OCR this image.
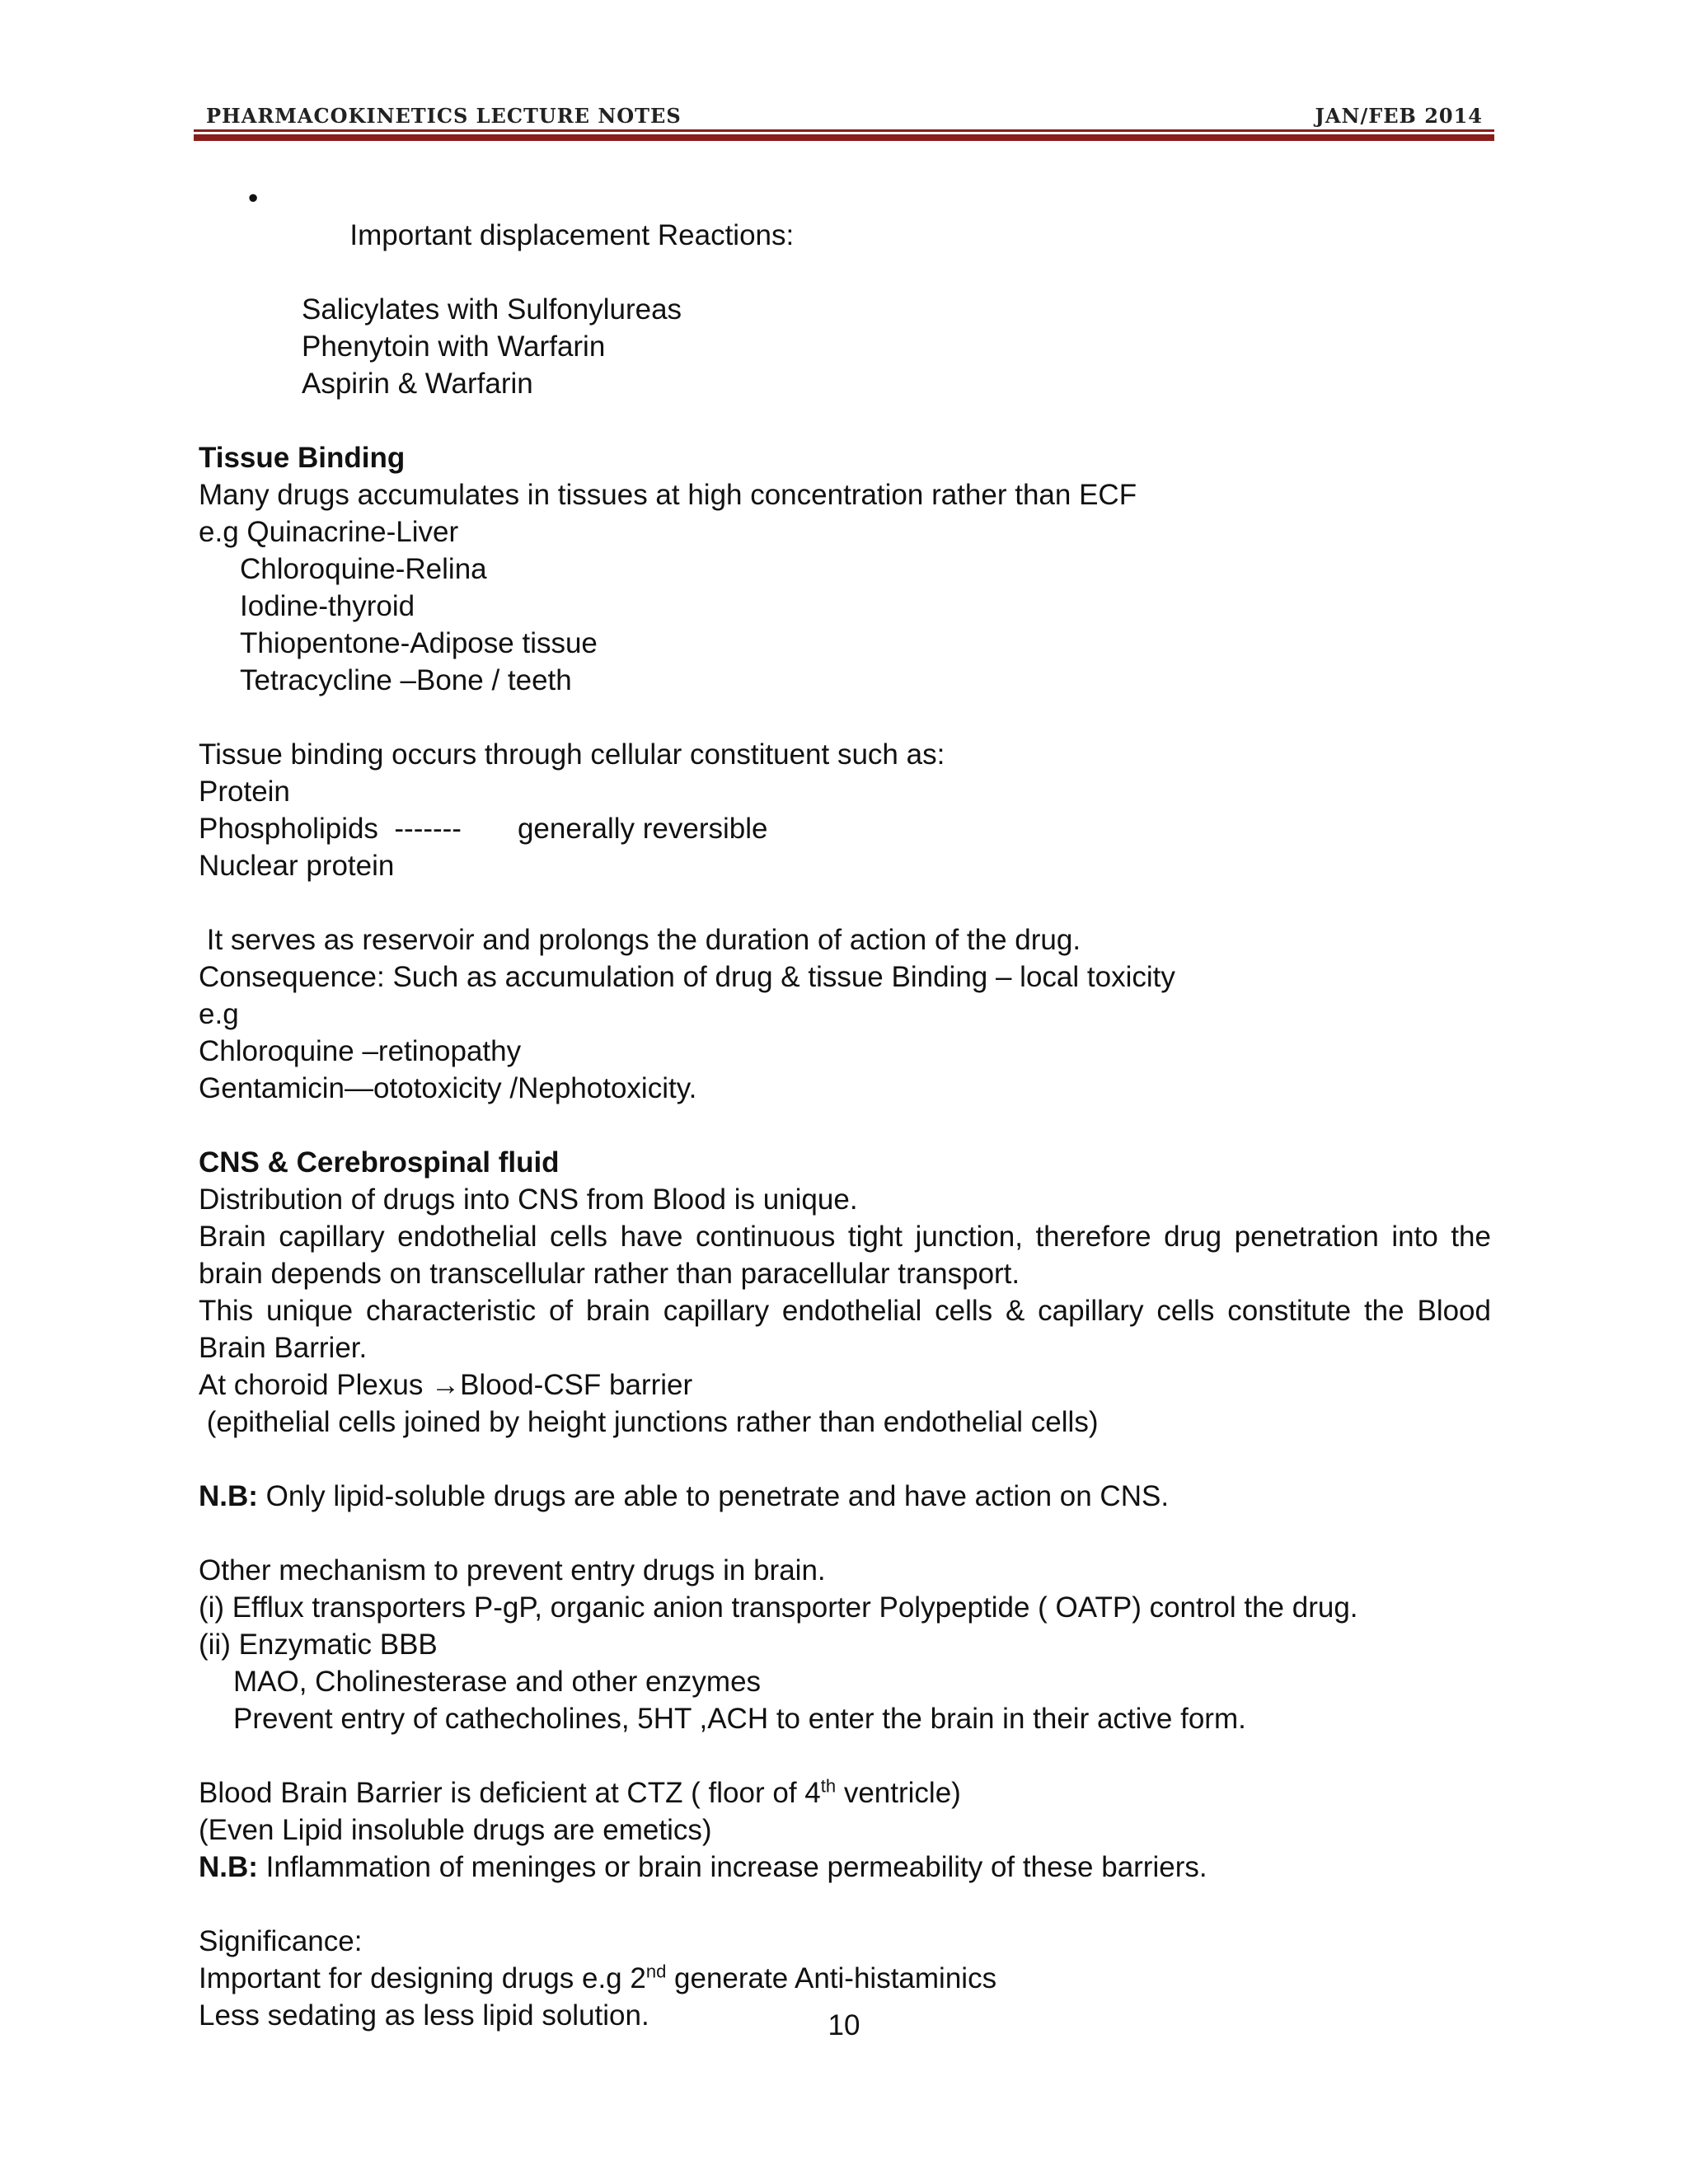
PHARMACOKINETICS LECTURE NOTES	JAN/FEB 2014

•
Important displacement Reactions:

Salicylates with Sulfonylureas
Phenytoin with Warfarin
Aspirin & Warfarin
Tissue Binding
Many drugs accumulates in tissues at high concentration rather than ECF
e.g Quinacrine-Liver
Chloroquine-Relina
Iodine-thyroid
Thiopentone-Adipose tissue
Tetracycline –Bone / teeth
Tissue binding occurs through cellular constituent such as:
Protein
Phospholipids  ------- generally reversible
Nuclear protein
It serves as reservoir and prolongs the duration of action of the drug.
Consequence: Such as accumulation of drug & tissue Binding – local toxicity
e.g
Chloroquine –retinopathy
Gentamicin—ototoxicity /Nephotoxicity.
CNS & Cerebrospinal fluid
Distribution of drugs into CNS from Blood is unique.
Brain capillary endothelial cells have continuous tight junction, therefore drug penetration into the brain depends on transcellular rather than paracellular transport.
This unique characteristic of brain capillary endothelial cells & capillary cells constitute the Blood Brain Barrier.
At choroid Plexus →Blood-CSF barrier
(epithelial cells joined by height junctions rather than endothelial cells)
N.B: Only lipid-soluble drugs are able to penetrate and have action on CNS.
Other mechanism to prevent entry drugs in brain.
(i) Efflux transporters P-gP, organic anion transporter Polypeptide ( OATP) control the drug.
(ii) Enzymatic BBB
MAO, Cholinesterase and other enzymes
Prevent entry of cathecholines, 5HT ,ACH to enter the brain in their active form.
Blood Brain Barrier is deficient at CTZ ( floor of 4th ventricle)
(Even Lipid insoluble drugs are emetics)
N.B: Inflammation of meninges or brain increase permeability of these barriers.
Significance:
Important for designing drugs e.g 2nd generate Anti-histaminics
Less sedating as less lipid solution.	10
